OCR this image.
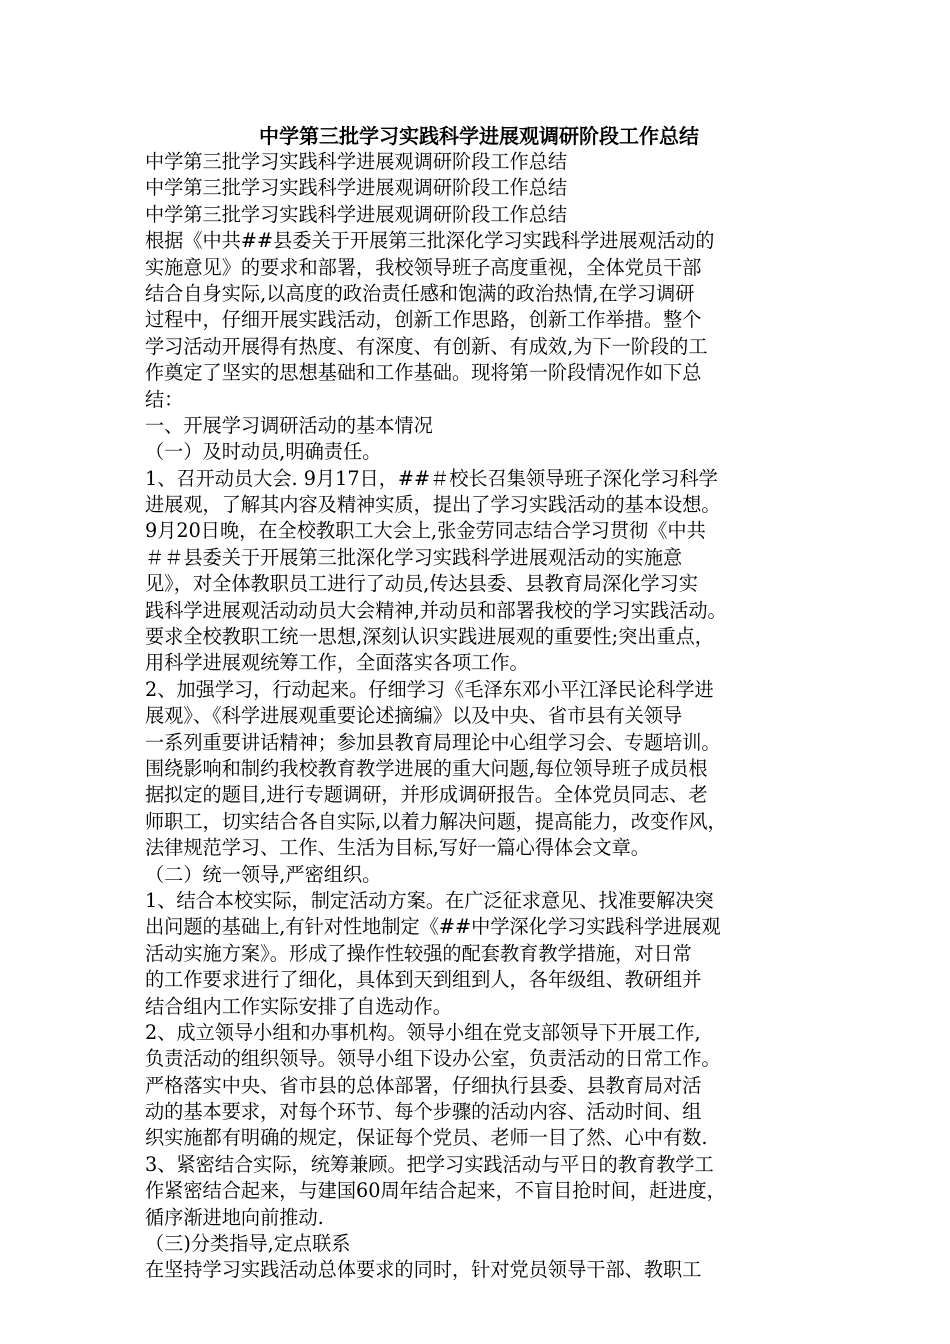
中学第三批学习实践科学进展观调研阶段工作总结
中学第三批学习实践科学进展观调研阶段工作总结
中学第三批学习实践科学进展观调研阶段工作总结
中学第三批学习实践科学进展观调研阶段工作总结
根据《中共##县委关于开展第三批深化学习实践科学进展观活动的
实施意见》的要求和部署，我校领导班子高度重视，全体党员干部
结合自身实际,以高度的政治责任感和饱满的政治热情,在学习调研
过程中，仔细开展实践活动，创新工作思路，创新工作举措。整个
学习活动开展得有热度、有深度、有创新、有成效,为下一阶段的工
作奠定了坚实的思想基础和工作基础。现将第一阶段情况作如下总
结：
一、开展学习调研活动的基本情况
（一）及时动员,明确责任。
1、召开动员大会. 9月17日，##＃校长召集领导班子深化学习科学
进展观，了解其内容及精神实质，提出了学习实践活动的基本设想。
9月20日晚，在全校教职工大会上,张金劳同志结合学习贯彻《中共
＃＃县委关于开展第三批深化学习实践科学进展观活动的实施意
见》，对全体教职员工进行了动员,传达县委、县教育局深化学习实
践科学进展观活动动员大会精神,并动员和部署我校的学习实践活动。
要求全校教职工统一思想,深刻认识实践进展观的重要性;突出重点，
用科学进展观统筹工作，全面落实各项工作。
2、加强学习，行动起来。仔细学习《毛泽东邓小平江泽民论科学进
展观》、《科学进展观重要论述摘编》以及中央、省市县有关领导
一系列重要讲话精神；参加县教育局理论中心组学习会、专题培训。
围绕影响和制约我校教育教学进展的重大问题,每位领导班子成员根
据拟定的题目,进行专题调研，并形成调研报告。全体党员同志、老
师职工，切实结合各自实际,以着力解决问题，提高能力，改变作风，
法律规范学习、工作、生活为目标,写好一篇心得体会文章。
（二）统一领导,严密组织。
1、结合本校实际，制定活动方案。在广泛征求意见、找准要解决突
出问题的基础上,有针对性地制定《##中学深化学习实践科学进展观
活动实施方案》。形成了操作性较强的配套教育教学措施，对日常
的工作要求进行了细化，具体到天到组到人，各年级组、教研组并
结合组内工作实际安排了自选动作。
2、成立领导小组和办事机构。领导小组在党支部领导下开展工作,
负责活动的组织领导。领导小组下设办公室，负责活动的日常工作。
严格落实中央、省市县的总体部署，仔细执行县委、县教育局对活
动的基本要求，对每个环节、每个步骤的活动内容、活动时间、组
织实施都有明确的规定，保证每个党员、老师一目了然、心中有数.
3、紧密结合实际，统筹兼顾。把学习实践活动与平日的教育教学工
作紧密结合起来，与建国60周年结合起来，不盲目抢时间，赶进度，
循序渐进地向前推动.
（三)分类指导,定点联系
在坚持学习实践活动总体要求的同时，针对党员领导干部、教职工
